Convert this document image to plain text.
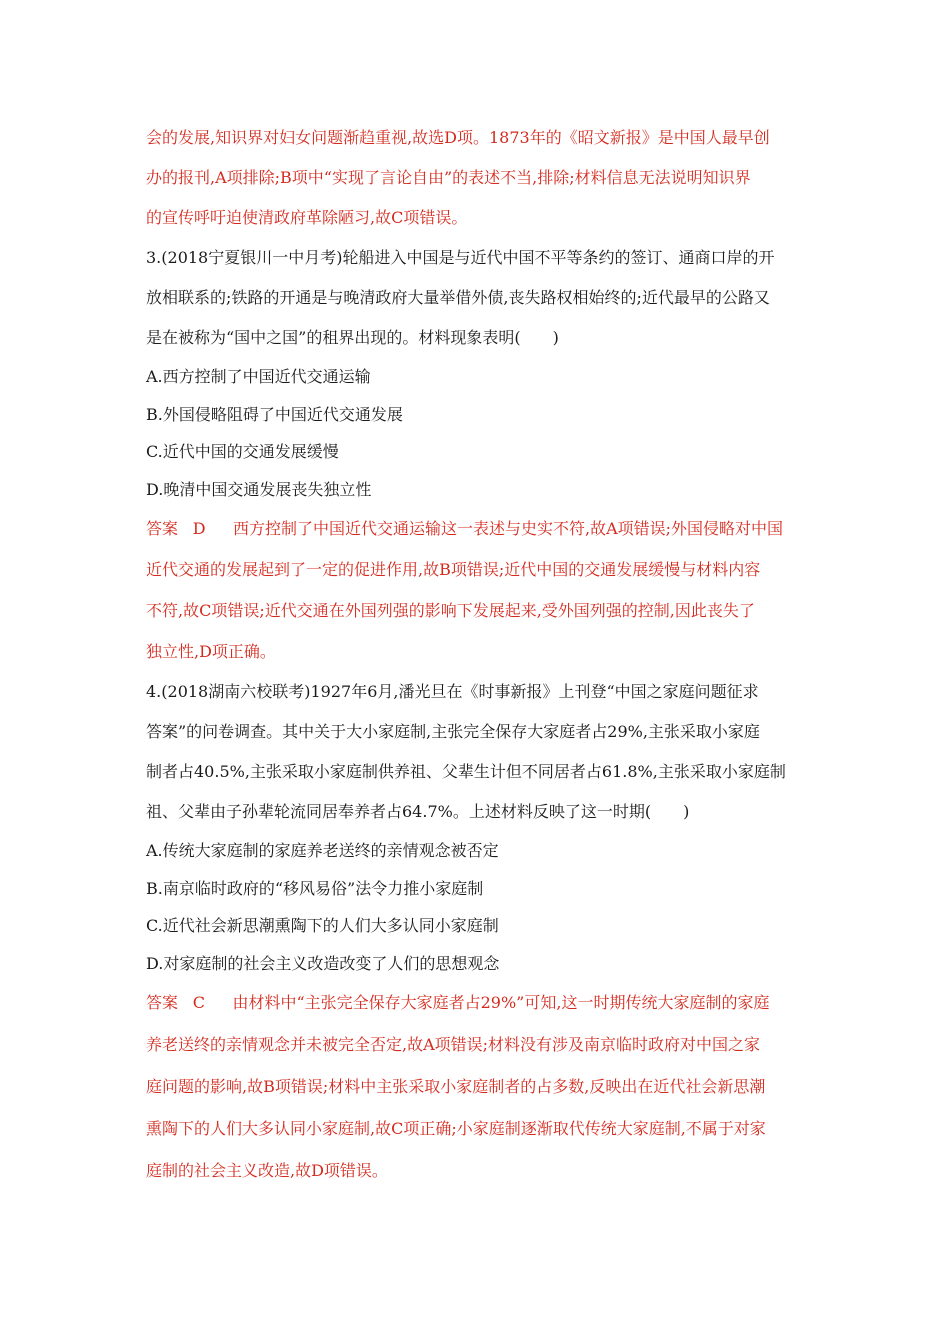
会的发展,知识界对妇女问题渐趋重视,故选D项。1873年的《昭文新报》是中国人最早创
办的报刊,A项排除;B项中“实现了言论自由”的表述不当,排除;材料信息无法说明知识界
的宣传呼吁迫使清政府革除陋习,故C项错误。
3.(2018宁夏银川一中月考)轮船进入中国是与近代中国不平等条约的签订、通商口岸的开
放相联系的;铁路的开通是与晚清政府大量举借外债,丧失路权相始终的;近代最早的公路又
是在被称为“国中之国”的租界出现的。材料现象表明(　　)
A.西方控制了中国近代交通运输
B.外国侵略阻碍了中国近代交通发展
C.近代中国的交通发展缓慢
D.晚清中国交通发展丧失独立性
答案 D 西方控制了中国近代交通运输这一表述与史实不符,故A项错误;外国侵略对中国
近代交通的发展起到了一定的促进作用,故B项错误;近代中国的交通发展缓慢与材料内容
不符,故C项错误;近代交通在外国列强的影响下发展起来,受外国列强的控制,因此丧失了
独立性,D项正确。
4.(2018湖南六校联考)1927年6月,潘光旦在《时事新报》上刊登“中国之家庭问题征求
答案”的问卷调查。其中关于大小家庭制,主张完全保存大家庭者占29%,主张采取小家庭
制者占40.5%,主张采取小家庭制供养祖、父辈生计但不同居者占61.8%,主张采取小家庭制
祖、父辈由子孙辈轮流同居奉养者占64.7%。上述材料反映了这一时期(　　)
A.传统大家庭制的家庭养老送终的亲情观念被否定
B.南京临时政府的“移风易俗”法令力推小家庭制
C.近代社会新思潮熏陶下的人们大多认同小家庭制
D.对家庭制的社会主义改造改变了人们的思想观念
答案 C 由材料中“主张完全保存大家庭者占29%”可知,这一时期传统大家庭制的家庭
养老送终的亲情观念并未被完全否定,故A项错误;材料没有涉及南京临时政府对中国之家
庭问题的影响,故B项错误;材料中主张采取小家庭制者的占多数,反映出在近代社会新思潮
熏陶下的人们大多认同小家庭制,故C项正确;小家庭制逐渐取代传统大家庭制,不属于对家
庭制的社会主义改造,故D项错误。
